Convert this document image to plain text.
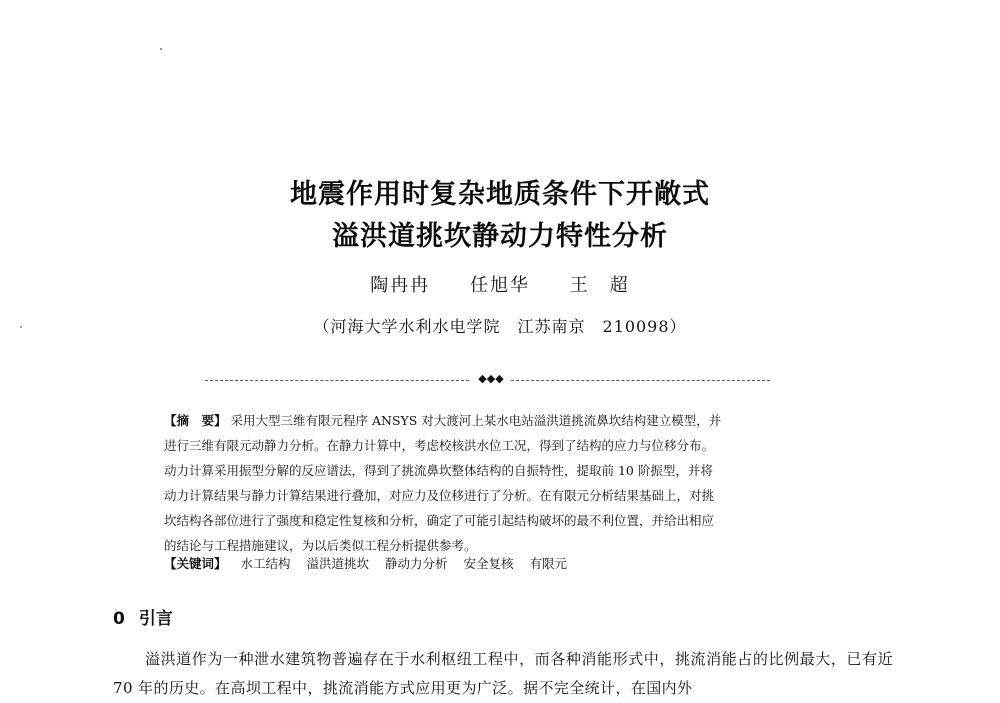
地震作用时复杂地质条件下开敞式
溢洪道挑坎静动力特性分析
陶冉冉 任旭华 王　超
（河海大学水利水电学院　江苏南京　210098）
◆◆◆
【摘　要】 采用大型三维有限元程序 ANSYS 对大渡河上某水电站溢洪道挑流鼻坎结构建立模型，并
进行三维有限元动静力分析。在静力计算中，考虑校核洪水位工况，得到了结构的应力与位移分布。
动力计算采用振型分解的反应谱法，得到了挑流鼻坎整体结构的自振特性，提取前 10 阶振型，并将
动力计算结果与静力计算结果进行叠加，对应力及位移进行了分析。在有限元分析结果基础上，对挑
坎结构各部位进行了强度和稳定性复核和分析，确定了可能引起结构破坏的最不利位置，并给出相应
的结论与工程措施建议，为以后类似工程分析提供参考。
【关键词】 水工结构 溢洪道挑坎 静动力分析 安全复核 有限元
0 引言
溢洪道作为一种泄水建筑物普遍存在于水利枢纽工程中，而各种消能形式中，挑流消能占的比例最大，已有近 70 年的历史。在高坝工程中，挑流消能方式应用更为广泛。据不完全统计，在国内外
